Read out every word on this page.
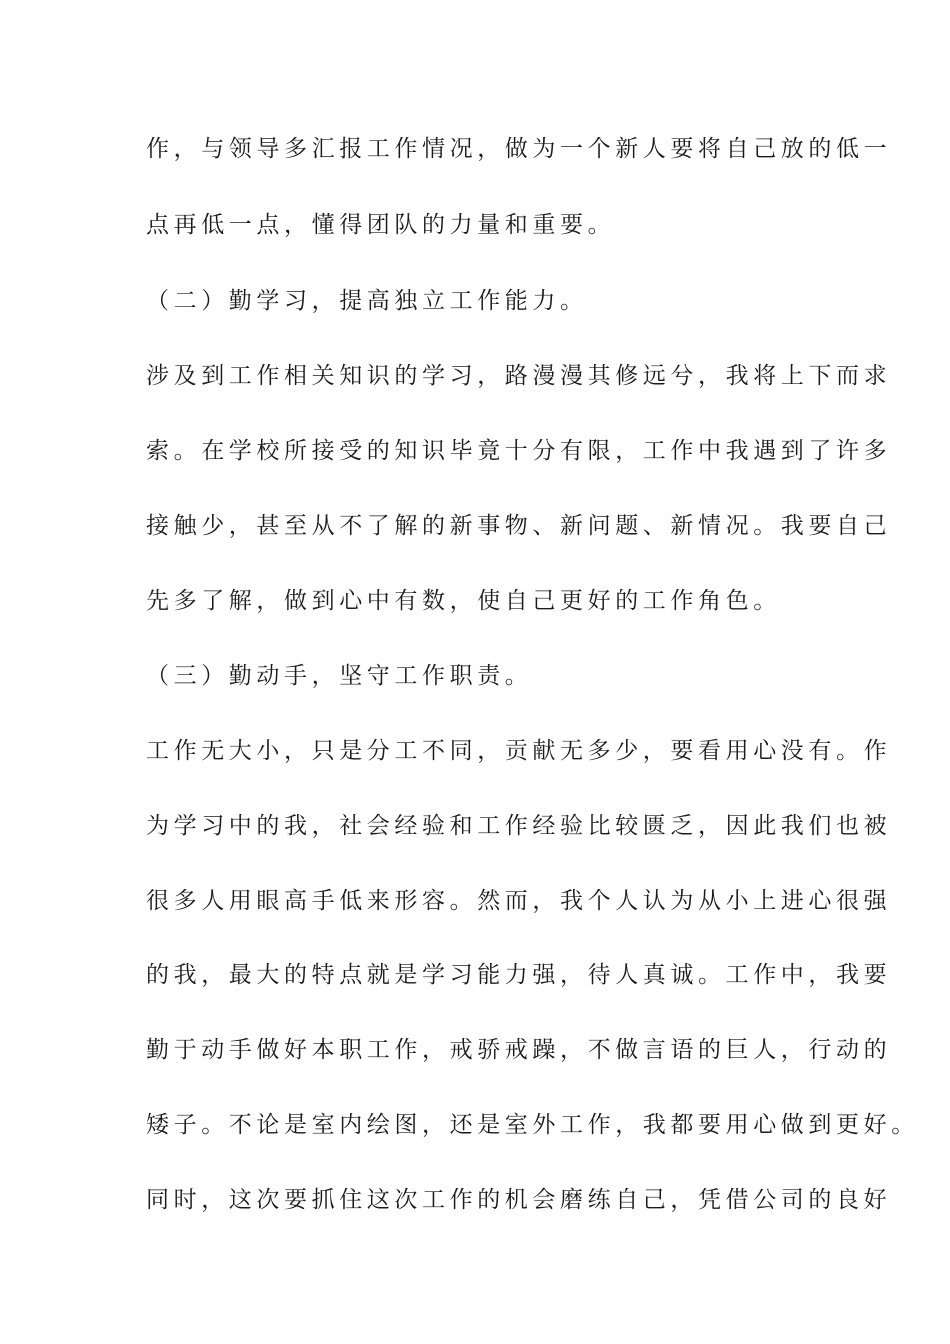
作，与领导多汇报工作情况，做为一个新人要将自己放的低一
点再低一点，懂得团队的力量和重要。
（二）勤学习，提高独立工作能力。
涉及到工作相关知识的学习，路漫漫其修远兮，我将上下而求
索。在学校所接受的知识毕竟十分有限，工作中我遇到了许多
接触少，甚至从不了解的新事物、新问题、新情况。我要自己
先多了解，做到心中有数，使自己更好的工作角色。
（三）勤动手，坚守工作职责。
工作无大小，只是分工不同，贡献无多少，要看用心没有。作
为学习中的我，社会经验和工作经验比较匮乏，因此我们也被
很多人用眼高手低来形容。然而，我个人认为从小上进心很强
的我，最大的特点就是学习能力强，待人真诚。工作中，我要
勤于动手做好本职工作，戒骄戒躁，不做言语的巨人，行动的
矮子。不论是室内绘图，还是室外工作，我都要用心做到更好。
同时，这次要抓住这次工作的机会磨练自己，凭借公司的良好
